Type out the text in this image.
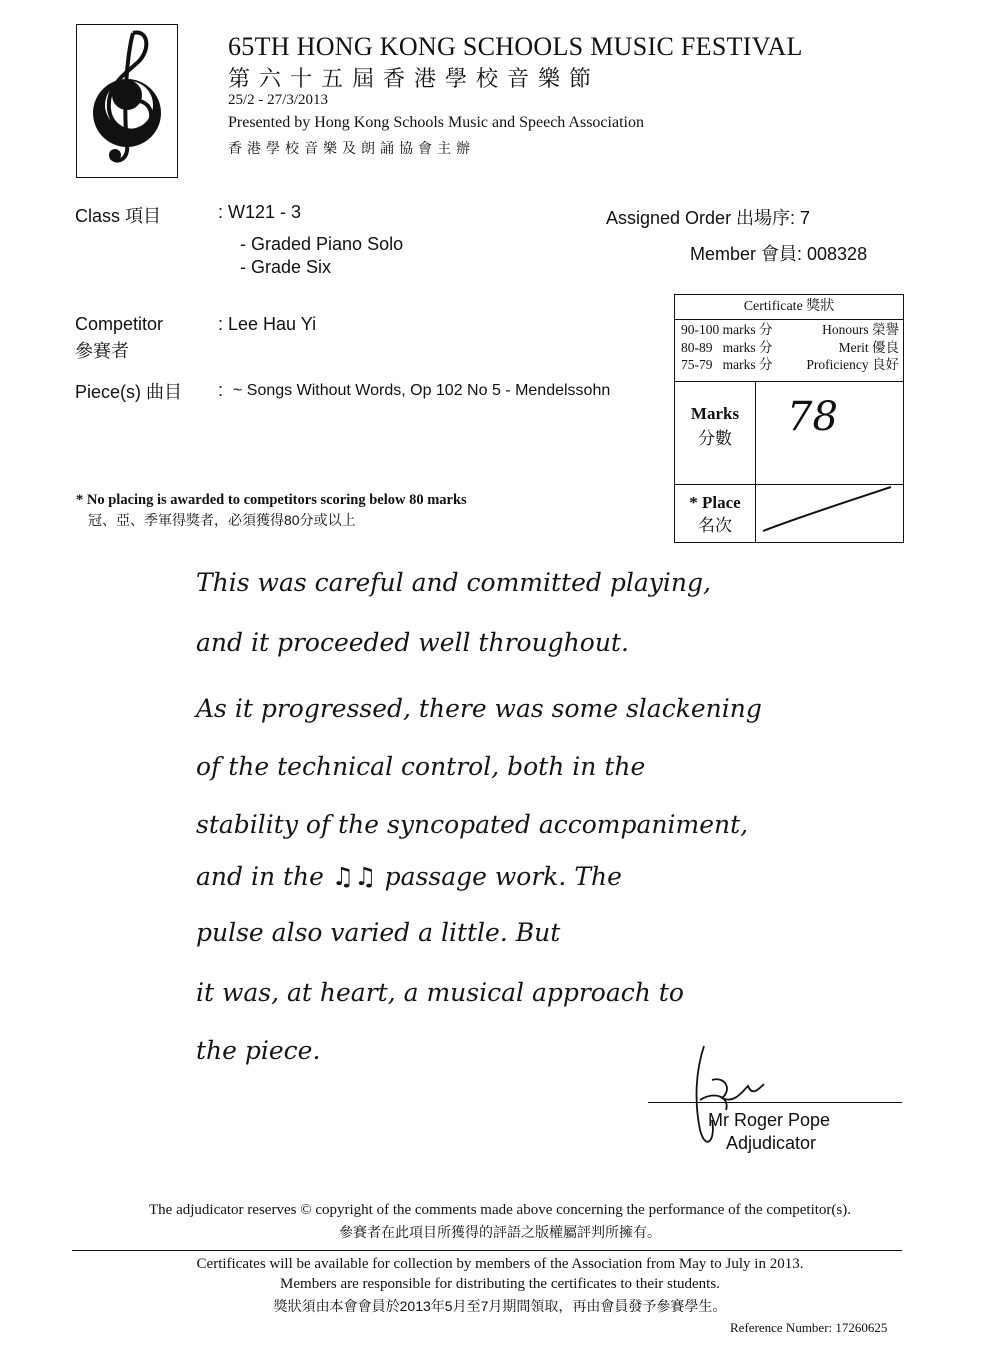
65TH HONG KONG SCHOOLS MUSIC FESTIVAL
第六十五屆香港學校音樂節
25/2 - 27/3/2013
Presented by Hong Kong Schools Music and Speech Association
香港學校音樂及朗誦協會主辦
Class 項目	: W121 - 3
- Graded Piano Solo
- Grade Six
Assigned Order 出場序: 7
Member 會員: 008328
Competitor
參賽者
: Lee Hau Yi
Piece(s) 曲目 : ~ Songs Without Words, Op 102 No 5 - Mendelssohn
Certificate 獎狀
90-100 marks 分	Honours 榮譽
80-89   marks 分	Merit 優良
75-79   marks 分	Proficiency 良好
Marks
分數	78
* Place
名次
* No placing is awarded to competitors scoring below 80 marks
冠、亞、季軍得獎者，必須獲得80分或以上
This was careful and committed playing,
and it proceeded well throughout.
As it progressed, there was some slackening
of the technical control, both in the
stability of the syncopated accompaniment,
and in the ♫♫ passage work. The
pulse also varied a little. But
it was, at heart, a musical approach to
the piece.
Mr Roger Pope
Adjudicator
The adjudicator reserves © copyright of the comments made above concerning the performance of the competitor(s).
參賽者在此項目所獲得的評語之版權屬評判所擁有。
Certificates will be available for collection by members of the Association from May to July in 2013.
Members are responsible for distributing the certificates to their students.
獎狀須由本會會員於2013年5月至7月期間領取，再由會員發予參賽學生。
Reference Number: 17260625
